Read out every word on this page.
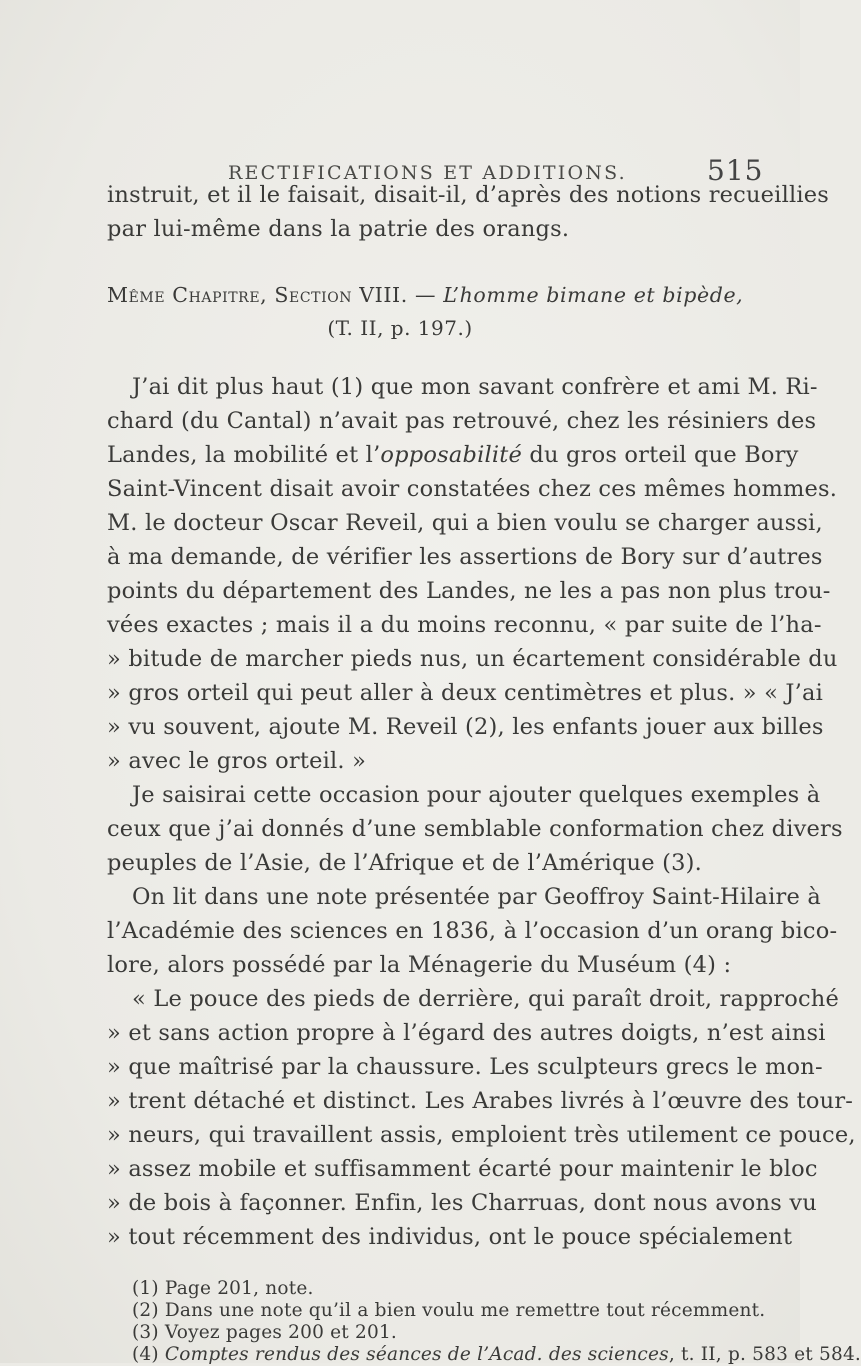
RECTIFICATIONS ET ADDITIONS.	515
instruit, et il le faisait, disait-il, d’après des notions recueillies
par lui-même dans la patrie des orangs.
Même Chapitre, Section VIII. — L’homme bimane et bipède,
(T. II, p. 197.)
J’ai dit plus haut (1) que mon savant confrère et ami M. Ri-
chard (du Cantal) n’avait pas retrouvé, chez les résiniers des
Landes, la mobilité et l’opposabilité du gros orteil que Bory
Saint-Vincent disait avoir constatées chez ces mêmes hommes.
M. le docteur Oscar Reveil, qui a bien voulu se charger aussi,
à ma demande, de vérifier les assertions de Bory sur d’autres
points du département des Landes, ne les a pas non plus trou-
vées exactes ; mais il a du moins reconnu, « par suite de l’ha-
» bitude de marcher pieds nus, un écartement considérable du
» gros orteil qui peut aller à deux centimètres et plus. » « J’ai
» vu souvent, ajoute M. Reveil (2), les enfants jouer aux billes
» avec le gros orteil. »
Je saisirai cette occasion pour ajouter quelques exemples à
ceux que j’ai donnés d’une semblable conformation chez divers
peuples de l’Asie, de l’Afrique et de l’Amérique (3).
On lit dans une note présentée par Geoffroy Saint-Hilaire à
l’Académie des sciences en 1836, à l’occasion d’un orang bico-
lore, alors possédé par la Ménagerie du Muséum (4) :
« Le pouce des pieds de derrière, qui paraît droit, rapproché
» et sans action propre à l’égard des autres doigts, n’est ainsi
» que maîtrisé par la chaussure. Les sculpteurs grecs le mon-
» trent détaché et distinct. Les Arabes livrés à l’œuvre des tour-
» neurs, qui travaillent assis, emploient très utilement ce pouce,
» assez mobile et suffisamment écarté pour maintenir le bloc
» de bois à façonner. Enfin, les Charruas, dont nous avons vu
» tout récemment des individus, ont le pouce spécialement
(1) Page 201, note.
(2) Dans une note qu’il a bien voulu me remettre tout récemment.
(3) Voyez pages 200 et 201.
(4) Comptes rendus des séances de l’Acad. des sciences, t. II, p. 583 et 584.
